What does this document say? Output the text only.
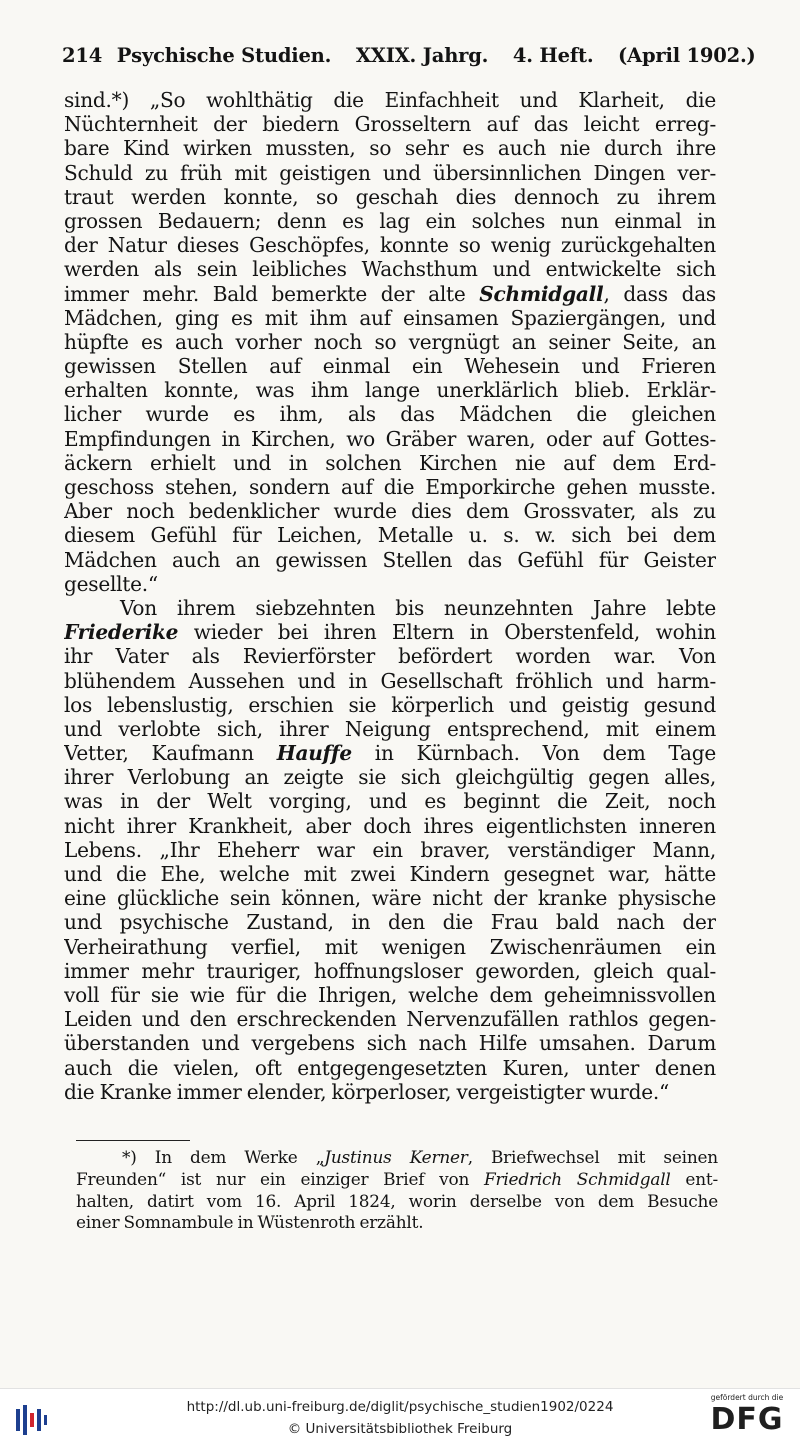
214 Psychische Studien. XXIX. Jahrg. 4. Heft. (April 1902.)
sind.*) „So wohlthätig die Einfachheit und Klarheit, die
Nüchternheit der biedern Grosseltern auf das leicht erreg-
bare Kind wirken mussten, so sehr es auch nie durch ihre
Schuld zu früh mit geistigen und übersinnlichen Dingen ver-
traut werden konnte, so geschah dies dennoch zu ihrem
grossen Bedauern; denn es lag ein solches nun einmal in
der Natur dieses Geschöpfes, konnte so wenig zurückgehalten
werden als sein leibliches Wachsthum und entwickelte sich
immer mehr. Bald bemerkte der alte Schmidgall, dass das
Mädchen, ging es mit ihm auf einsamen Spaziergängen, und
hüpfte es auch vorher noch so vergnügt an seiner Seite, an
gewissen Stellen auf einmal ein Wehesein und Frieren
erhalten konnte, was ihm lange unerklärlich blieb. Erklär-
licher wurde es ihm, als das Mädchen die gleichen
Empfindungen in Kirchen, wo Gräber waren, oder auf Gottes-
äckern erhielt und in solchen Kirchen nie auf dem Erd-
geschoss stehen, sondern auf die Emporkirche gehen musste.
Aber noch bedenklicher wurde dies dem Grossvater, als zu
diesem Gefühl für Leichen, Metalle u. s. w. sich bei dem
Mädchen auch an gewissen Stellen das Gefühl für Geister
gesellte.“
Von ihrem siebzehnten bis neunzehnten Jahre lebte
Friederike wieder bei ihren Eltern in Oberstenfeld, wohin
ihr Vater als Revierförster befördert worden war. Von
blühendem Aussehen und in Gesellschaft fröhlich und harm-
los lebenslustig, erschien sie körperlich und geistig gesund
und verlobte sich, ihrer Neigung entsprechend, mit einem
Vetter, Kaufmann Hauffe in Kürnbach. Von dem Tage
ihrer Verlobung an zeigte sie sich gleichgültig gegen alles,
was in der Welt vorging, und es beginnt die Zeit, noch
nicht ihrer Krankheit, aber doch ihres eigentlichsten inneren
Lebens. „Ihr Eheherr war ein braver, verständiger Mann,
und die Ehe, welche mit zwei Kindern gesegnet war, hätte
eine glückliche sein können, wäre nicht der kranke physische
und psychische Zustand, in den die Frau bald nach der
Verheirathung verfiel, mit wenigen Zwischenräumen ein
immer mehr trauriger, hoffnungsloser geworden, gleich qual-
voll für sie wie für die Ihrigen, welche dem geheimnissvollen
Leiden und den erschreckenden Nervenzufällen rathlos gegen-
überstanden und vergebens sich nach Hilfe umsahen. Darum
auch die vielen, oft entgegengesetzten Kuren, unter denen
die Kranke immer elender, körperloser, vergeistigter wurde.“
*) In dem Werke „Justinus Kerner, Briefwechsel mit seinen
Freunden“ ist nur ein einziger Brief von Friedrich Schmidgall ent-
halten, datirt vom 16. April 1824, worin derselbe von dem Besuche
einer Somnambule in Wüstenroth erzählt.
http://dl.ub.uni-freiburg.de/diglit/psychische_studien1902/0224
© Universitätsbibliothek Freiburg
gefördert durch die
DFG
